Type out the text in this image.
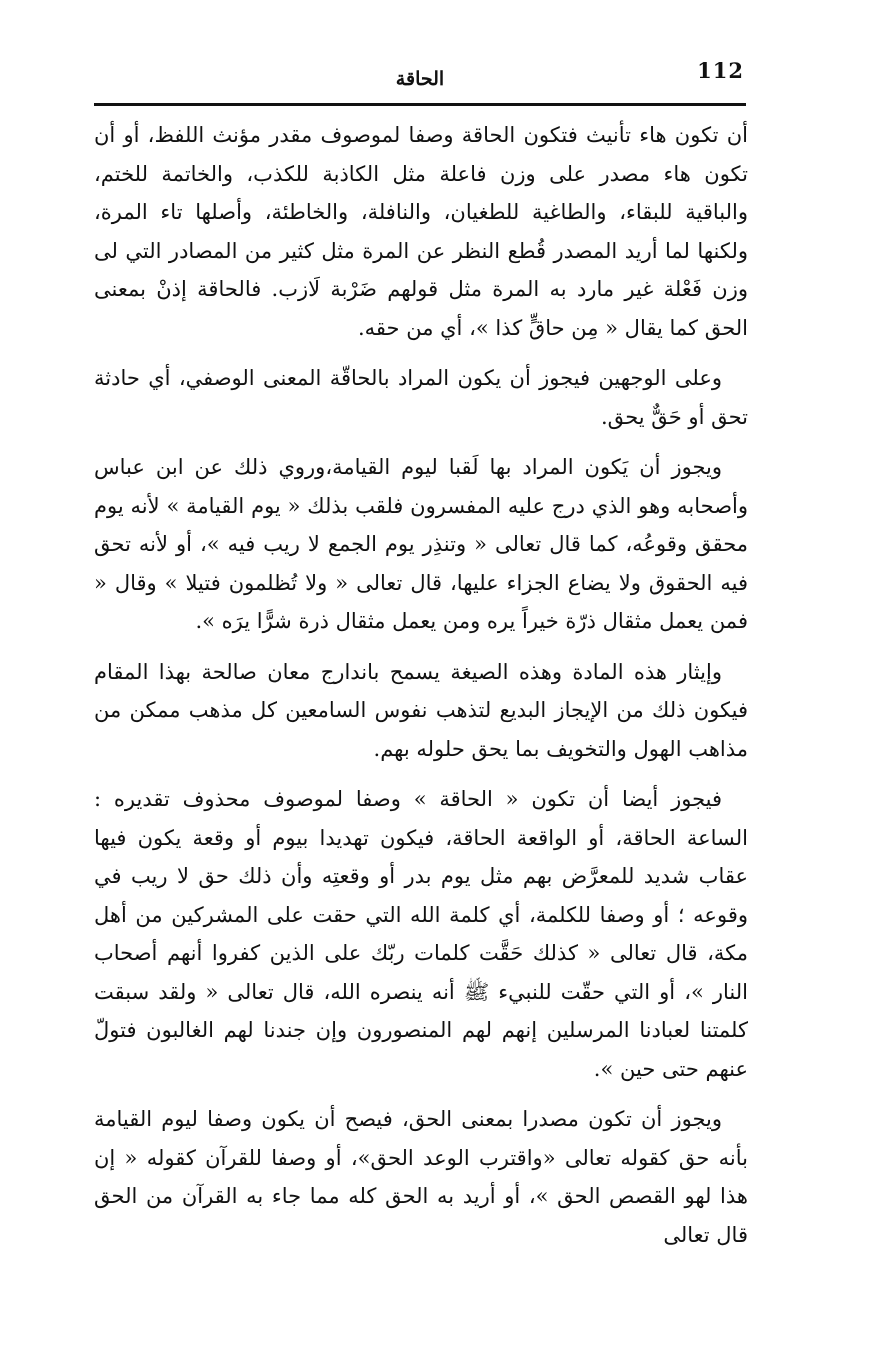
112
الحاقة

أن تكون هاء تأنيث فتكون الحاقة وصفا لموصوف مقدر مؤنث اللفظ، أو أن تكون هاء مصدر على وزن فاعلة مثل الكاذبة للكذب، والخاتمة للختم، والباقية للبقاء، والطاغية للطغيان، والنافلة، والخاطئة، وأصلها تاء المرة، ولكنها لما أريد المصدر قُطع النظر عن المرة مثل كثير من المصادر التي لى وزن فَعْلة غير مارد به المرة مثل قولهم ضَرْبة لَازب. فالحاقة إذنْ بمعنى الحق كما يقال « مِن حاقٍّ كذا »، أي من حقه.

وعلى الوجهين فيجوز أن يكون المراد بالحاقّة المعنى الوصفي، أي حادثة تحق أو حَقٌّ يحق.

ويجوز أن يَكون المراد بها لَقبا ليوم القيامة،وروي ذلك عن ابن عباس وأصحابه وهو الذي درج عليه المفسرون فلقب بذلك « يوم القيامة » لأنه يوم محقق وقوعُه، كما قال تعالى « وتنذِر يوم الجمع لا ريب فيه »، أو لأنه تحق فيه الحقوق ولا يضاع الجزاء عليها، قال تعالى « ولا تُظلمون فتيلا » وقال « فمن يعمل مثقال ذرّة خيراً يره ومن يعمل مثقال ذرة شرًّا يرَه ».

وإيثار هذه المادة وهذه الصيغة يسمح باندارج معان صالحة بهذا المقام فيكون ذلك من الإيجاز البديع لتذهب نفوس السامعين كل مذهب ممكن من مذاهب الهول والتخويف بما يحق حلوله بهم.

فيجوز أيضا أن تكون « الحاقة » وصفا لموصوف محذوف تقديره : الساعة الحاقة، أو الواقعة الحاقة، فيكون تهديدا بيوم أو وقعة يكون فيها عقاب شديد للمعرَّض بهم مثل يوم بدر أو وقعتِه وأن ذلك حق لا ريب في وقوعه ؛ أو وصفا للكلمة، أي كلمة الله التي حقت على المشركين من أهل مكة، قال تعالى « كذلك حَقَّت كلمات ربّك على الذين كفروا أنهم أصحاب النار »، أو التي حقّت للنبيء ﷺ أنه ينصره الله، قال تعالى « ولقد سبقت كلمتنا لعبادنا المرسلين إنهم لهم المنصورون وإن جندنا لهم الغالبون فتولّ عنهم حتى حين ».

ويجوز أن تكون مصدرا بمعنى الحق، فيصح أن يكون وصفا ليوم القيامة بأنه حق كقوله تعالى «واقترب الوعد الحق»، أو وصفا للقرآن كقوله « إن هذا لهو القصص الحق »، أو أريد به الحق كله مما جاء به القرآن من الحق قال تعالى
